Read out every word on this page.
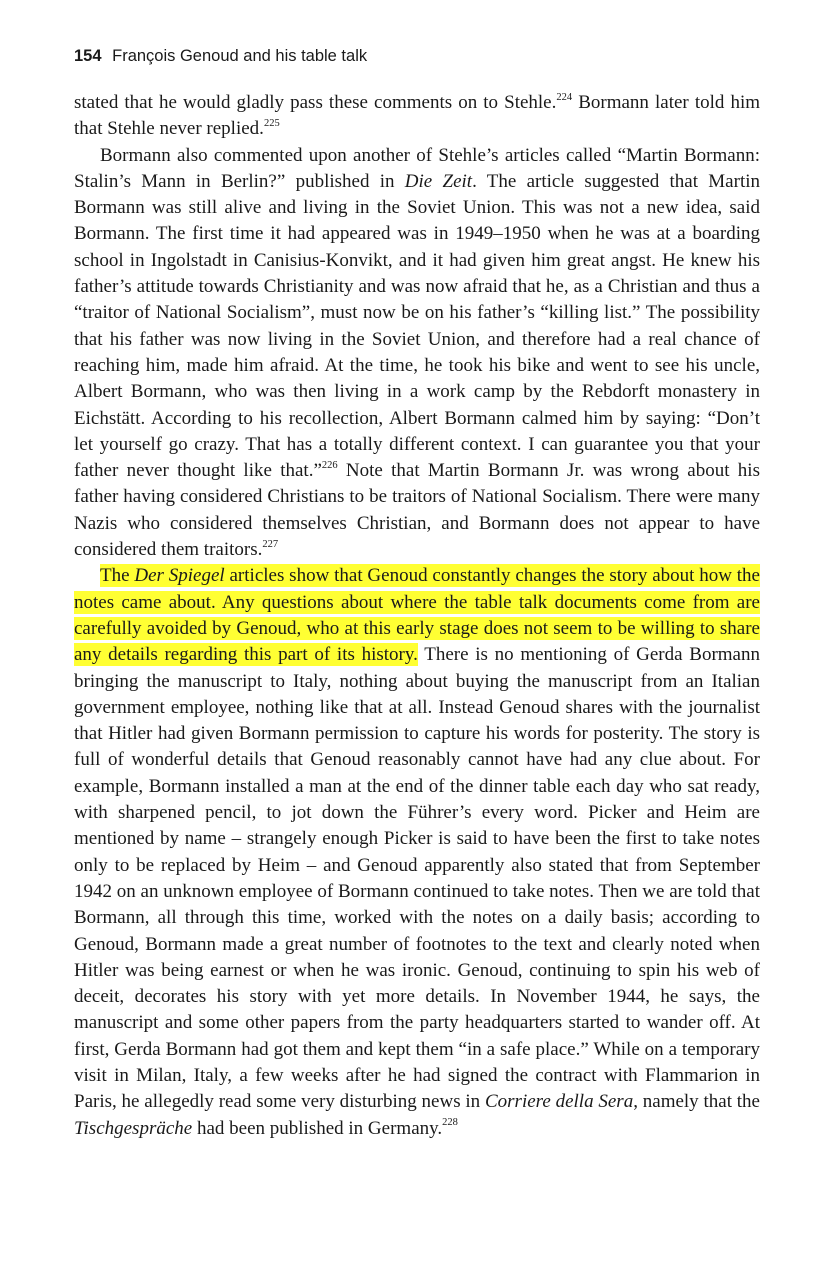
154 François Genoud and his table talk

stated that he would gladly pass these comments on to Stehle.$^{224}$ Bormann later told him that Stehle never replied.$^{225}$

Bormann also commented upon another of Stehle’s articles called “Martin Bormann: Stalin’s Mann in Berlin?” published in Die Zeit. The article suggested that Martin Bormann was still alive and living in the Soviet Union. This was not a new idea, said Bormann. The first time it had appeared was in 1949–1950 when he was at a boarding school in Ingolstadt in Canisius-Konvikt, and it had given him great angst. He knew his father’s attitude towards Christianity and was now afraid that he, as a Christian and thus a “traitor of National Socialism”, must now be on his father’s “killing list.” The possibility that his father was now living in the Soviet Union, and therefore had a real chance of reaching him, made him afraid. At the time, he took his bike and went to see his uncle, Albert Bormann, who was then living in a work camp by the Rebdorft monastery in Eichstätt. According to his recollection, Albert Bormann calmed him by saying: “Don’t let yourself go crazy. That has a totally different context. I can guarantee you that your father never thought like that.”$^{226}$ Note that Martin Bormann Jr. was wrong about his father having considered Christians to be traitors of National Socialism. There were many Nazis who considered themselves Christian, and Bormann does not appear to have considered them traitors.$^{227}$

The Der Spiegel articles show that Genoud constantly changes the story about how the notes came about. Any questions about where the table talk documents come from are carefully avoided by Genoud, who at this early stage does not seem to be willing to share any details regarding this part of its history. There is no mentioning of Gerda Bormann bringing the manuscript to Italy, nothing about buying the manuscript from an Italian government employee, nothing like that at all. Instead Genoud shares with the journalist that Hitler had given Bormann permission to capture his words for posterity. The story is full of wonderful details that Genoud reasonably cannot have had any clue about. For example, Bormann installed a man at the end of the dinner table each day who sat ready, with sharpened pencil, to jot down the Führer’s every word. Picker and Heim are mentioned by name – strangely enough Picker is said to have been the first to take notes only to be replaced by Heim – and Genoud apparently also stated that from September 1942 on an unknown employee of Bormann continued to take notes. Then we are told that Bormann, all through this time, worked with the notes on a daily basis; according to Genoud, Bormann made a great number of footnotes to the text and clearly noted when Hitler was being earnest or when he was ironic. Genoud, continuing to spin his web of deceit, decorates his story with yet more details. In November 1944, he says, the manuscript and some other papers from the party headquarters started to wander off. At first, Gerda Bormann had got them and kept them “in a safe place.” While on a temporary visit in Milan, Italy, a few weeks after he had signed the contract with Flammarion in Paris, he allegedly read some very disturbing news in Corriere della Sera, namely that the Tischgespräche had been published in Germany.$^{228}$
